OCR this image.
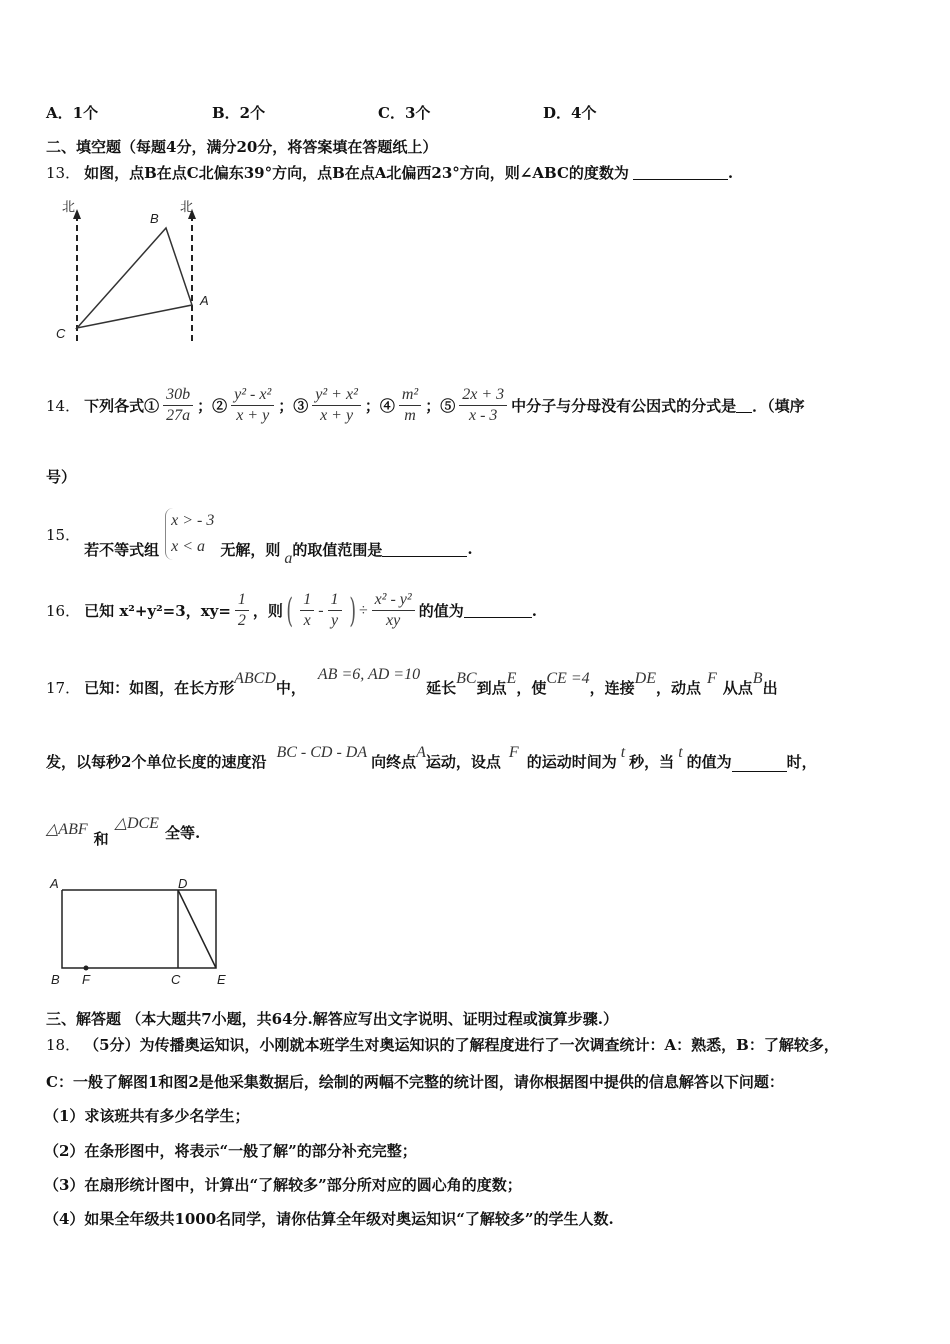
A．1个	B．2个	C．3个	D．4个
二、填空题（每题4分，满分20分，将答案填在答题纸上）
13． 如图，点B在点C北偏东39°方向，点B在点A北偏西23°方向，则∠ABC的度数为	.
北	北
B
A
C
14． 下列各式① $\frac{30b}{27a}$ ；② $\frac{\text{y² - x²}}{x + y}$ ；③ $\frac{\text{y² + x²}}{x + y}$ ；④ $\frac{\text{m²}}{m}$ ；⑤ $\frac{2x + 3}{x - 3}$ 中分子与分母没有公因式的分式是 ．（填序
号）
15．
若不等式组
x > - 3
x < a	无解，则 a 的取值范围是	.
16． 已知 x²+y²=3，$xy= \frac{1}{2}$ ，则 ( $\frac{1}{x} - \frac{1}{y}$ ) ÷ $\frac{\text{x² - y²}}{xy}$ 的值为	.
17． 已知：如图，在长方形
ABCD
中，
AB =6, AD =10
延长
BC
到点
E
，使
CE =4
，连接
DE
，动点
F
从点
B
出
发，以每秒2个单位长度的速度沿
BC - CD - DA
向终点
A
运动，设点
F
的运动时间为
t
秒，当
t
的值为	时，
△ABF
和
△DCE
全等.
A	D
B F	C	E
三、解答题 （本大题共7小题，共64分.解答应写出文字说明、证明过程或演算步骤.）
18． （5分）为传播奥运知识，小刚就本班学生对奥运知识的了解程度进行了一次调查统计：A：熟悉，B：了解较多，
C：一般了解图1和图2是他采集数据后，绘制的两幅不完整的统计图，请你根据图中提供的信息解答以下问题：
（1）求该班共有多少名学生；
（2）在条形图中，将表示“一般了解”的部分补充完整；
（3）在扇形统计图中，计算出“了解较多”部分所对应的圆心角的度数；
（4）如果全年级共1000名同学，请你估算全年级对奥运知识“了解较多”的学生人数.
